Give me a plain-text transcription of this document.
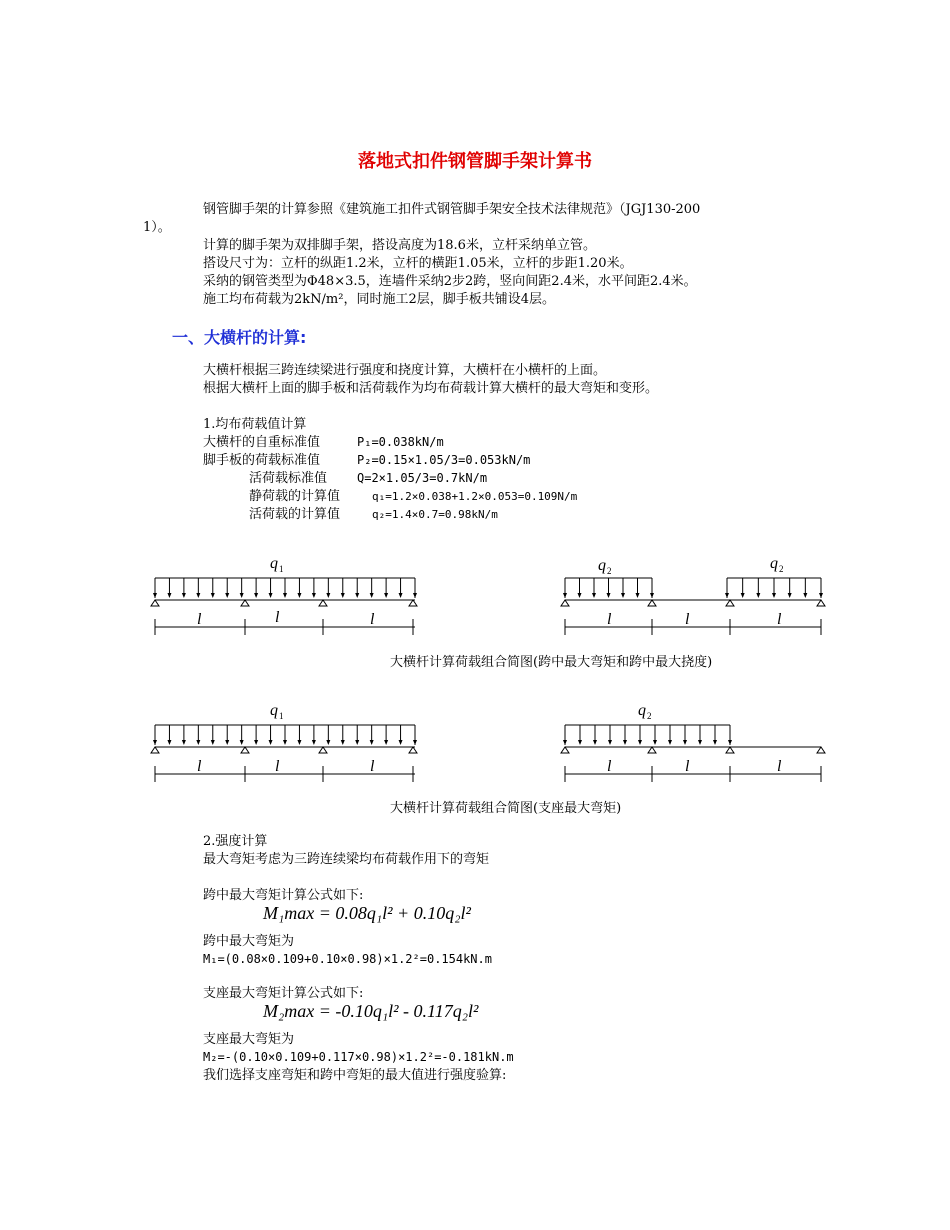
落地式扣件钢管脚手架计算书
钢管脚手架的计算参照《建筑施工扣件式钢管脚手架安全技术法律规范》（JGJ130-200
1）。
计算的脚手架为双排脚手架，搭设高度为18.6米，立杆采纳单立管。
搭设尺寸为：立杆的纵距1.2米，立杆的横距1.05米，立杆的步距1.20米。
采纳的钢管类型为Φ48×3.5，连墙件采纳2步2跨，竖向间距2.4米，水平间距2.4米。
施工均布荷载为2kN/m²，同时施工2层，脚手板共铺设4层。
一、大横杆的计算:
大横杆根据三跨连续梁进行强度和挠度计算，大横杆在小横杆的上面。
根据大横杆上面的脚手板和活荷载作为均布荷载计算大横杆的最大弯矩和变形。
1.均布荷载值计算
大横杆的自重标准值	P₁=0.038kN/m
脚手板的荷载标准值	P₂=0.15×1.05/3=0.053kN/m
活荷载标准值 Q=2×1.05/3=0.7kN/m
静荷载的计算值	q₁=1.2×0.038+1.2×0.053=0.109N/m
活荷载的计算值	q₂=1.4×0.7=0.98kN/m
q 1
l	l	l
q 2	q 2
l	l	l
大横杆计算荷载组合简图(跨中最大弯矩和跨中最大挠度)
q 1
l	l	l
q 2
l	l	l
大横杆计算荷载组合简图(支座最大弯矩)
2.强度计算
最大弯矩考虑为三跨连续梁均布荷载作用下的弯矩
跨中最大弯矩计算公式如下:
M₁max = 0.08q₁l² + 0.10q₂l²
跨中最大弯矩为
M₁=(0.08×0.109+0.10×0.98)×1.2²=0.154kN.m
支座最大弯矩计算公式如下:
M₂max = -0.10q₁l² - 0.117q₂l²
支座最大弯矩为
M₂=-(0.10×0.109+0.117×0.98)×1.2²=-0.181kN.m
我们选择支座弯矩和跨中弯矩的最大值进行强度验算:
